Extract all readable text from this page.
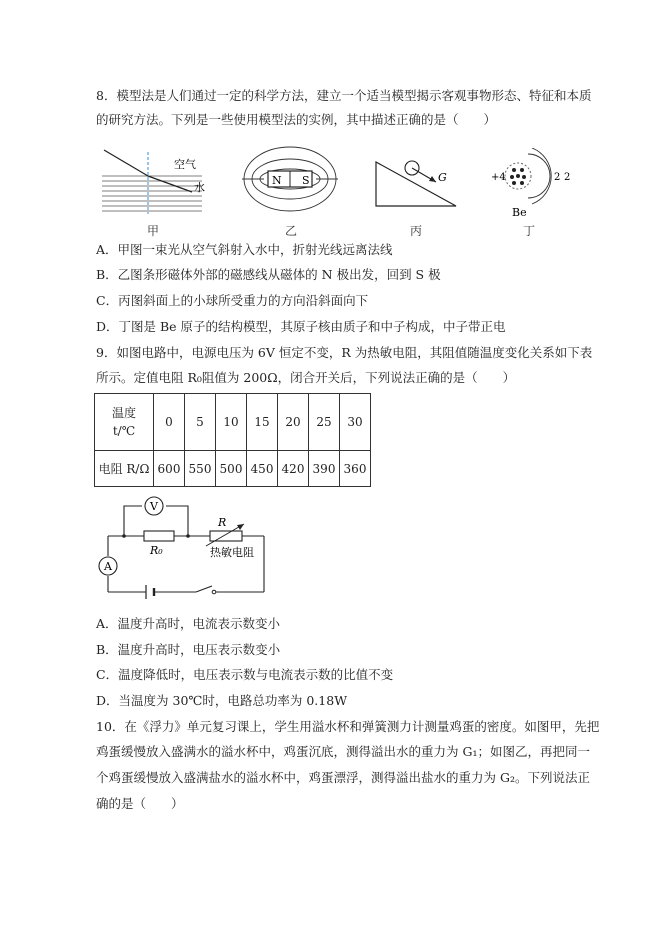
8．模型法是人们通过一定的科学方法，建立一个适当模型揭示客观事物形态、特征和本质
的研究方法。下列是一些使用模型法的实例，其中描述正确的是（　　）
空气
水
N S	G	+4	2 2
Be
甲	乙	丙	丁
A．甲图一束光从空气斜射入水中，折射光线远离法线
B．乙图条形磁体外部的磁感线从磁体的 N 极出发，回到 S 极
C．丙图斜面上的小球所受重力的方向沿斜面向下
D．丁图是 Be 原子的结构模型，其原子核由质子和中子构成，中子带正电
9．如图电路中，电源电压为 6V 恒定不变，R 为热敏电阻，其阻值随温度变化关系如下表
所示。定值电阻 R₀阻值为 200Ω，闭合开关后，下列说法正确的是（　　）
温度
t/℃	0	5	10	15	20	25	30
电阻 R/Ω	600	550	500	450	420	390	360
V
R₀
R
热敏电阻
A
A．温度升高时，电流表示数变小
B．温度升高时，电压表示数变小
C．温度降低时，电压表示数与电流表示数的比值不变
D．当温度为 30℃时，电路总功率为 0.18W
10．在《浮力》单元复习课上，学生用溢水杯和弹簧测力计测量鸡蛋的密度。如图甲，先把
鸡蛋缓慢放入盛满水的溢水杯中，鸡蛋沉底，测得溢出水的重力为 G₁；如图乙，再把同一
个鸡蛋缓慢放入盛满盐水的溢水杯中，鸡蛋漂浮，测得溢出盐水的重力为 G₂。下列说法正
确的是（　　）
